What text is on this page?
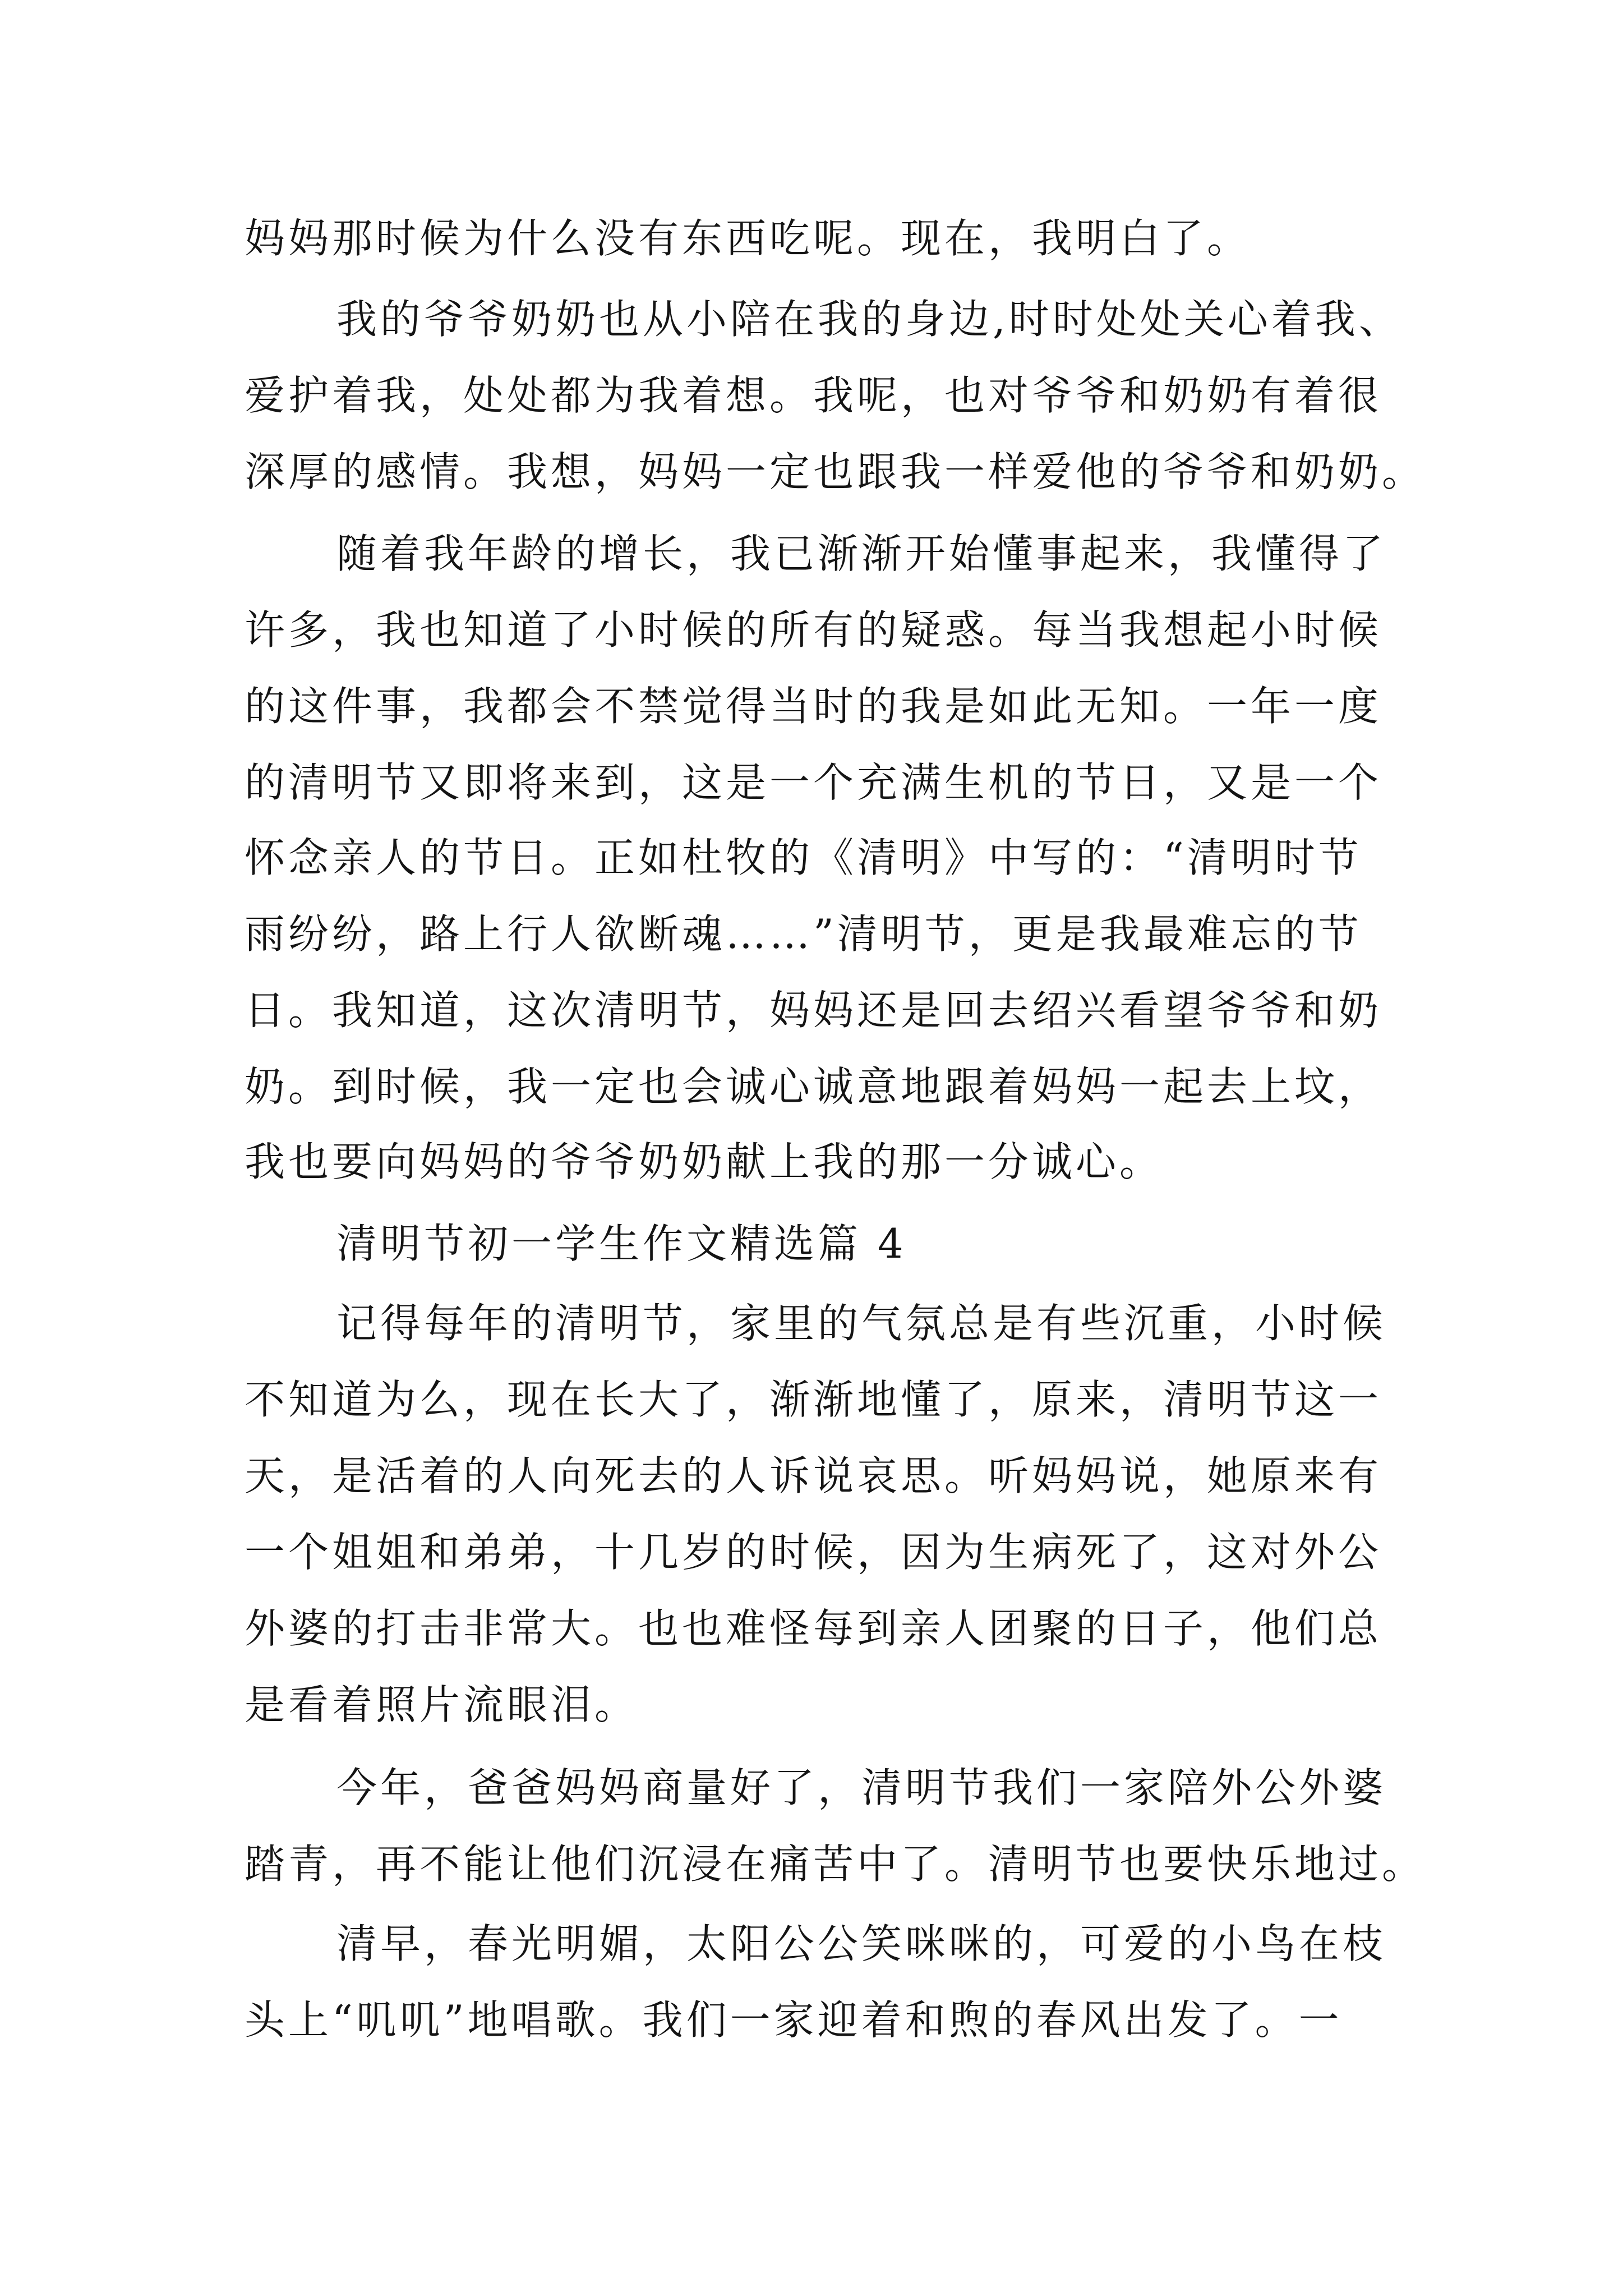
妈妈那时候为什么没有东西吃呢。现在，我明白了。
我的爷爷奶奶也从小陪在我的身边,时时处处关心着我、
爱护着我，处处都为我着想。我呢，也对爷爷和奶奶有着很
深厚的感情。我想，妈妈一定也跟我一样爱他的爷爷和奶奶。
随着我年龄的增长，我已渐渐开始懂事起来，我懂得了
许多，我也知道了小时候的所有的疑惑。每当我想起小时候
的这件事，我都会不禁觉得当时的我是如此无知。一年一度
的清明节又即将来到，这是一个充满生机的节日，又是一个
怀念亲人的节日。正如杜牧的《清明》中写的：“清明时节
雨纷纷，路上行人欲断魂……”清明节，更是我最难忘的节
日。我知道，这次清明节，妈妈还是回去绍兴看望爷爷和奶
奶。到时候，我一定也会诚心诚意地跟着妈妈一起去上坟，
我也要向妈妈的爷爷奶奶献上我的那一分诚心。
清明节初一学生作文精选篇 4
记得每年的清明节，家里的气氛总是有些沉重，小时候
不知道为么，现在长大了，渐渐地懂了，原来，清明节这一
天，是活着的人向死去的人诉说哀思。听妈妈说，她原来有
一个姐姐和弟弟，十几岁的时候，因为生病死了，这对外公
外婆的打击非常大。也也难怪每到亲人团聚的日子，他们总
是看着照片流眼泪。
今年，爸爸妈妈商量好了，清明节我们一家陪外公外婆
踏青，再不能让他们沉浸在痛苦中了。清明节也要快乐地过。
清早，春光明媚，太阳公公笑咪咪的，可爱的小鸟在枝
头上“叽叽”地唱歌。我们一家迎着和煦的春风出发了。一
